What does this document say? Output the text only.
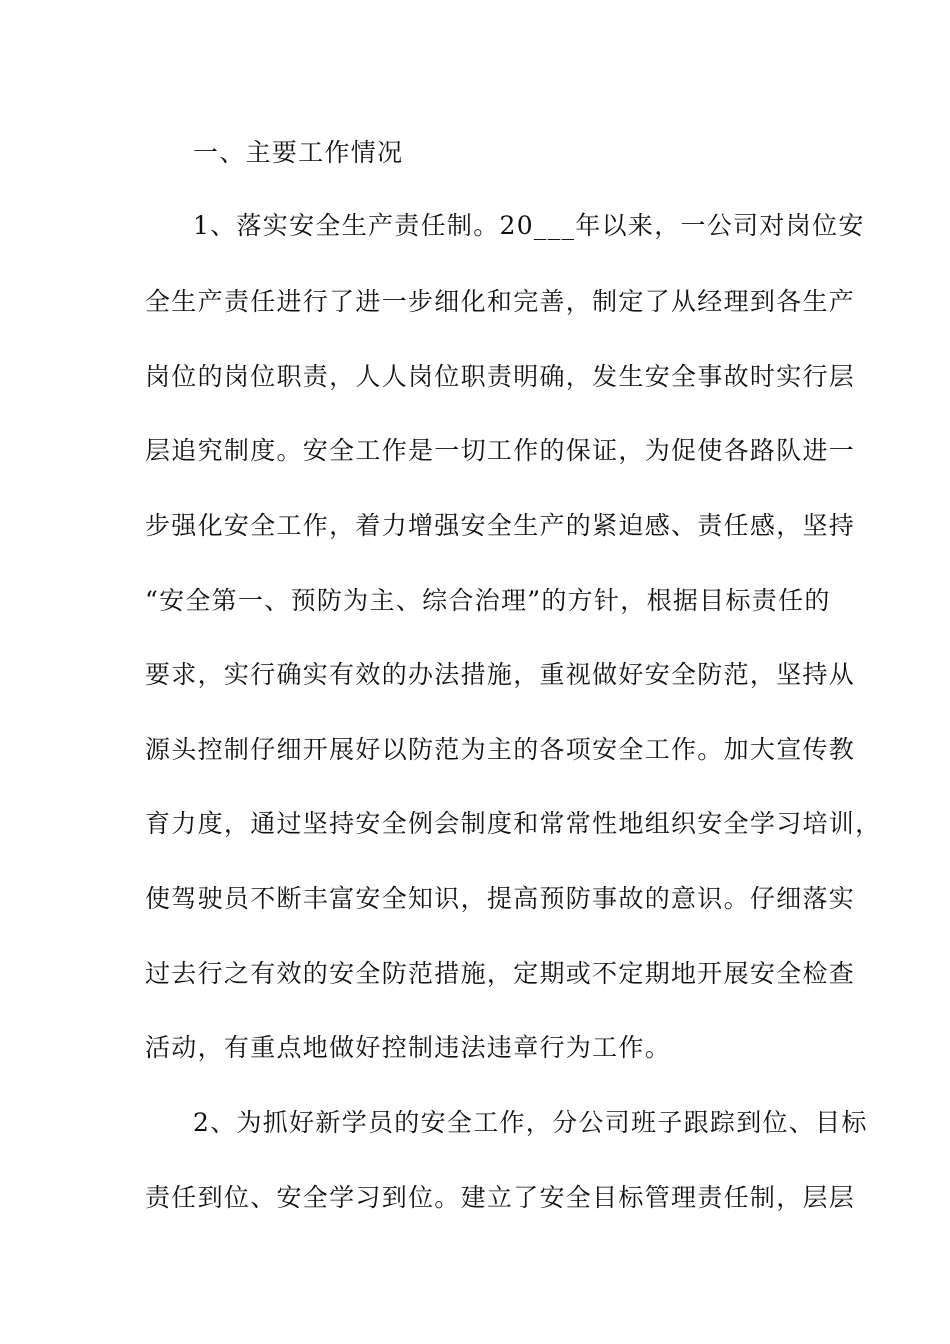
一、主要工作情况
1、落实安全生产责任制。20___年以来，一公司对岗位安
全生产责任进行了进一步细化和完善，制定了从经理到各生产
岗位的岗位职责，人人岗位职责明确，发生安全事故时实行层
层追究制度。安全工作是一切工作的保证，为促使各路队进一
步强化安全工作，着力增强安全生产的紧迫感、责任感，坚持
“安全第一、预防为主、综合治理”的方针，根据目标责任的
要求，实行确实有效的办法措施，重视做好安全防范，坚持从
源头控制仔细开展好以防范为主的各项安全工作。加大宣传教
育力度，通过坚持安全例会制度和常常性地组织安全学习培训，
使驾驶员不断丰富安全知识，提高预防事故的意识。仔细落实
过去行之有效的安全防范措施，定期或不定期地开展安全检查
活动，有重点地做好控制违法违章行为工作。
2、为抓好新学员的安全工作，分公司班子跟踪到位、目标
责任到位、安全学习到位。建立了安全目标管理责任制，层层
